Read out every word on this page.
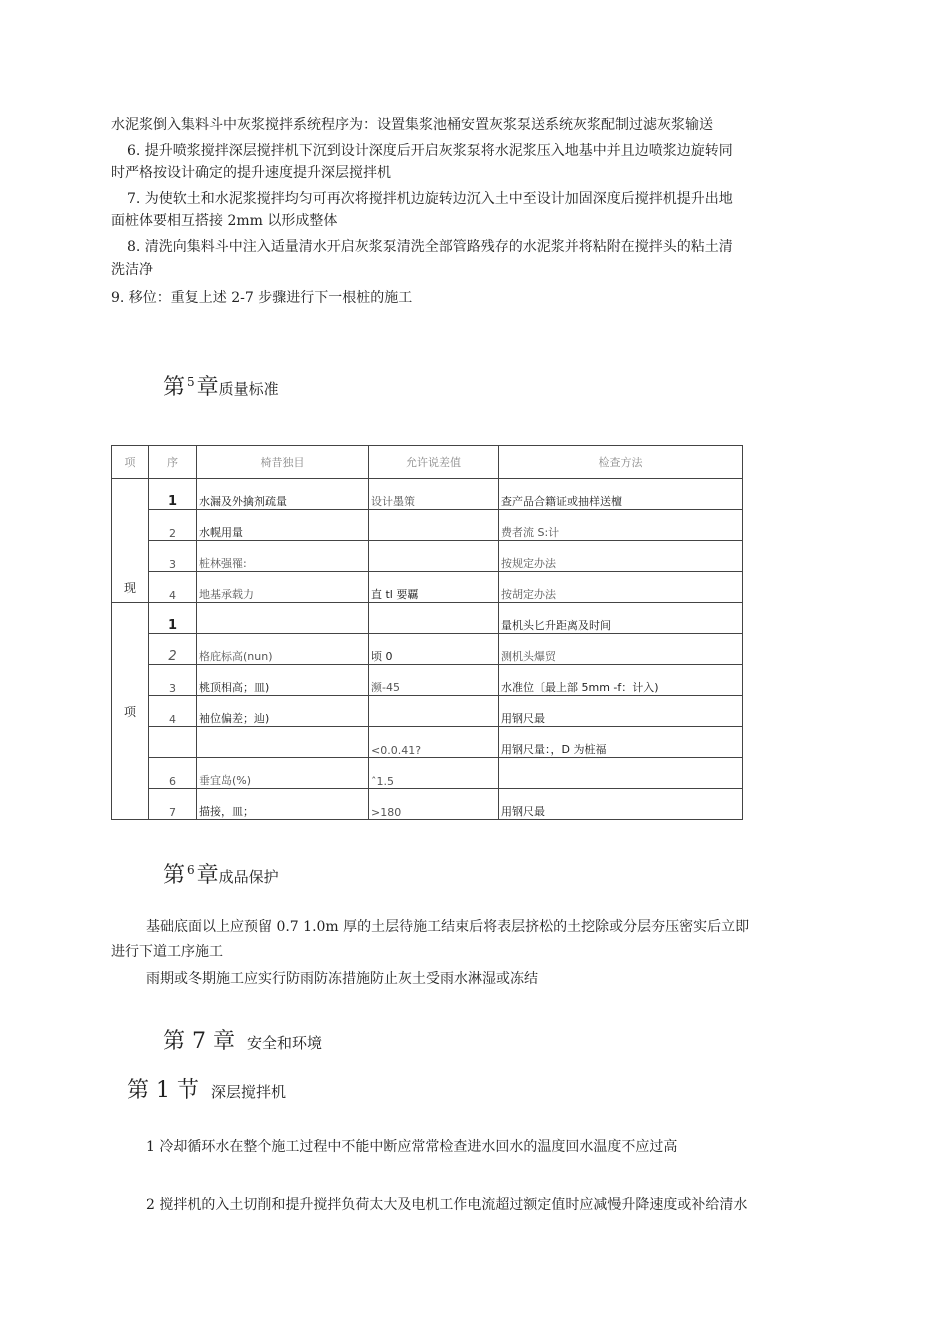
水泥浆倒入集料斗中灰浆搅拌系统程序为：设置集浆池桶安置灰浆泵送系统灰浆配制过滤灰浆输送
6. 提升喷浆搅拌深层搅拌机下沉到设计深度后开启灰浆泵将水泥浆压入地基中并且边喷浆边旋转同
时严格按设计确定的提升速度提升深层搅拌机
7. 为使软土和水泥浆搅拌均匀可再次将搅拌机边旋转边沉入土中至设计加固深度后搅拌机提升出地
面桩体要相互搭接 2mm 以形成整体
8. 清洗向集料斗中注入适量清水开启灰浆泵清洗全部管路残存的水泥浆并将粘附在搅拌头的粘土清
洗洁净
9. 移位：重复上述 2-7 步骤进行下一根桩的施工
第 $^5$章质量标准
项	序	椅昔独目	允许说差值	检查方法
现	1	水漏及外擒剂疏量	设计墨策	查产品合籍证或抽样送檀
	2	水幌用量		费者流 S:计
	3	桩林强罹:		按规定办法
	4	地基承载力	直 tl 要覊	按胡定办法
项	1			量机头匕升距离及时间
	2	格庇标高(nun)	顷 0	测机头爆贸
	3	桃顶相高；皿)	濒-45	水准位〔最上部 5mm -f：计入)
	4	袖位偏差；辿)		用钢尺最
			<0.0.41?	用钢尺量：，D 为桩福
	6	垂宜岛(%)	ˆ1.5	
	7	描接，皿；	>180	用钢尺最
第 $^6$章成品保护
基础底面以上应预留 0.7 1.0m 厚的土层待施工结束后将表层挤松的土挖除或分层夯压密实后立即
进行下道工序施工
雨期或冬期施工应实行防雨防冻措施防止灰土受雨水淋湿或冻结
第 7 章 安全和环境
第 1 节 深层搅拌机
1 冷却循环水在整个施工过程中不能中断应常常检查进水回水的温度回水温度不应过高
2 搅拌机的入土切削和提升搅拌负荷太大及电机工作电流超过额定值时应减慢升降速度或补给清水
